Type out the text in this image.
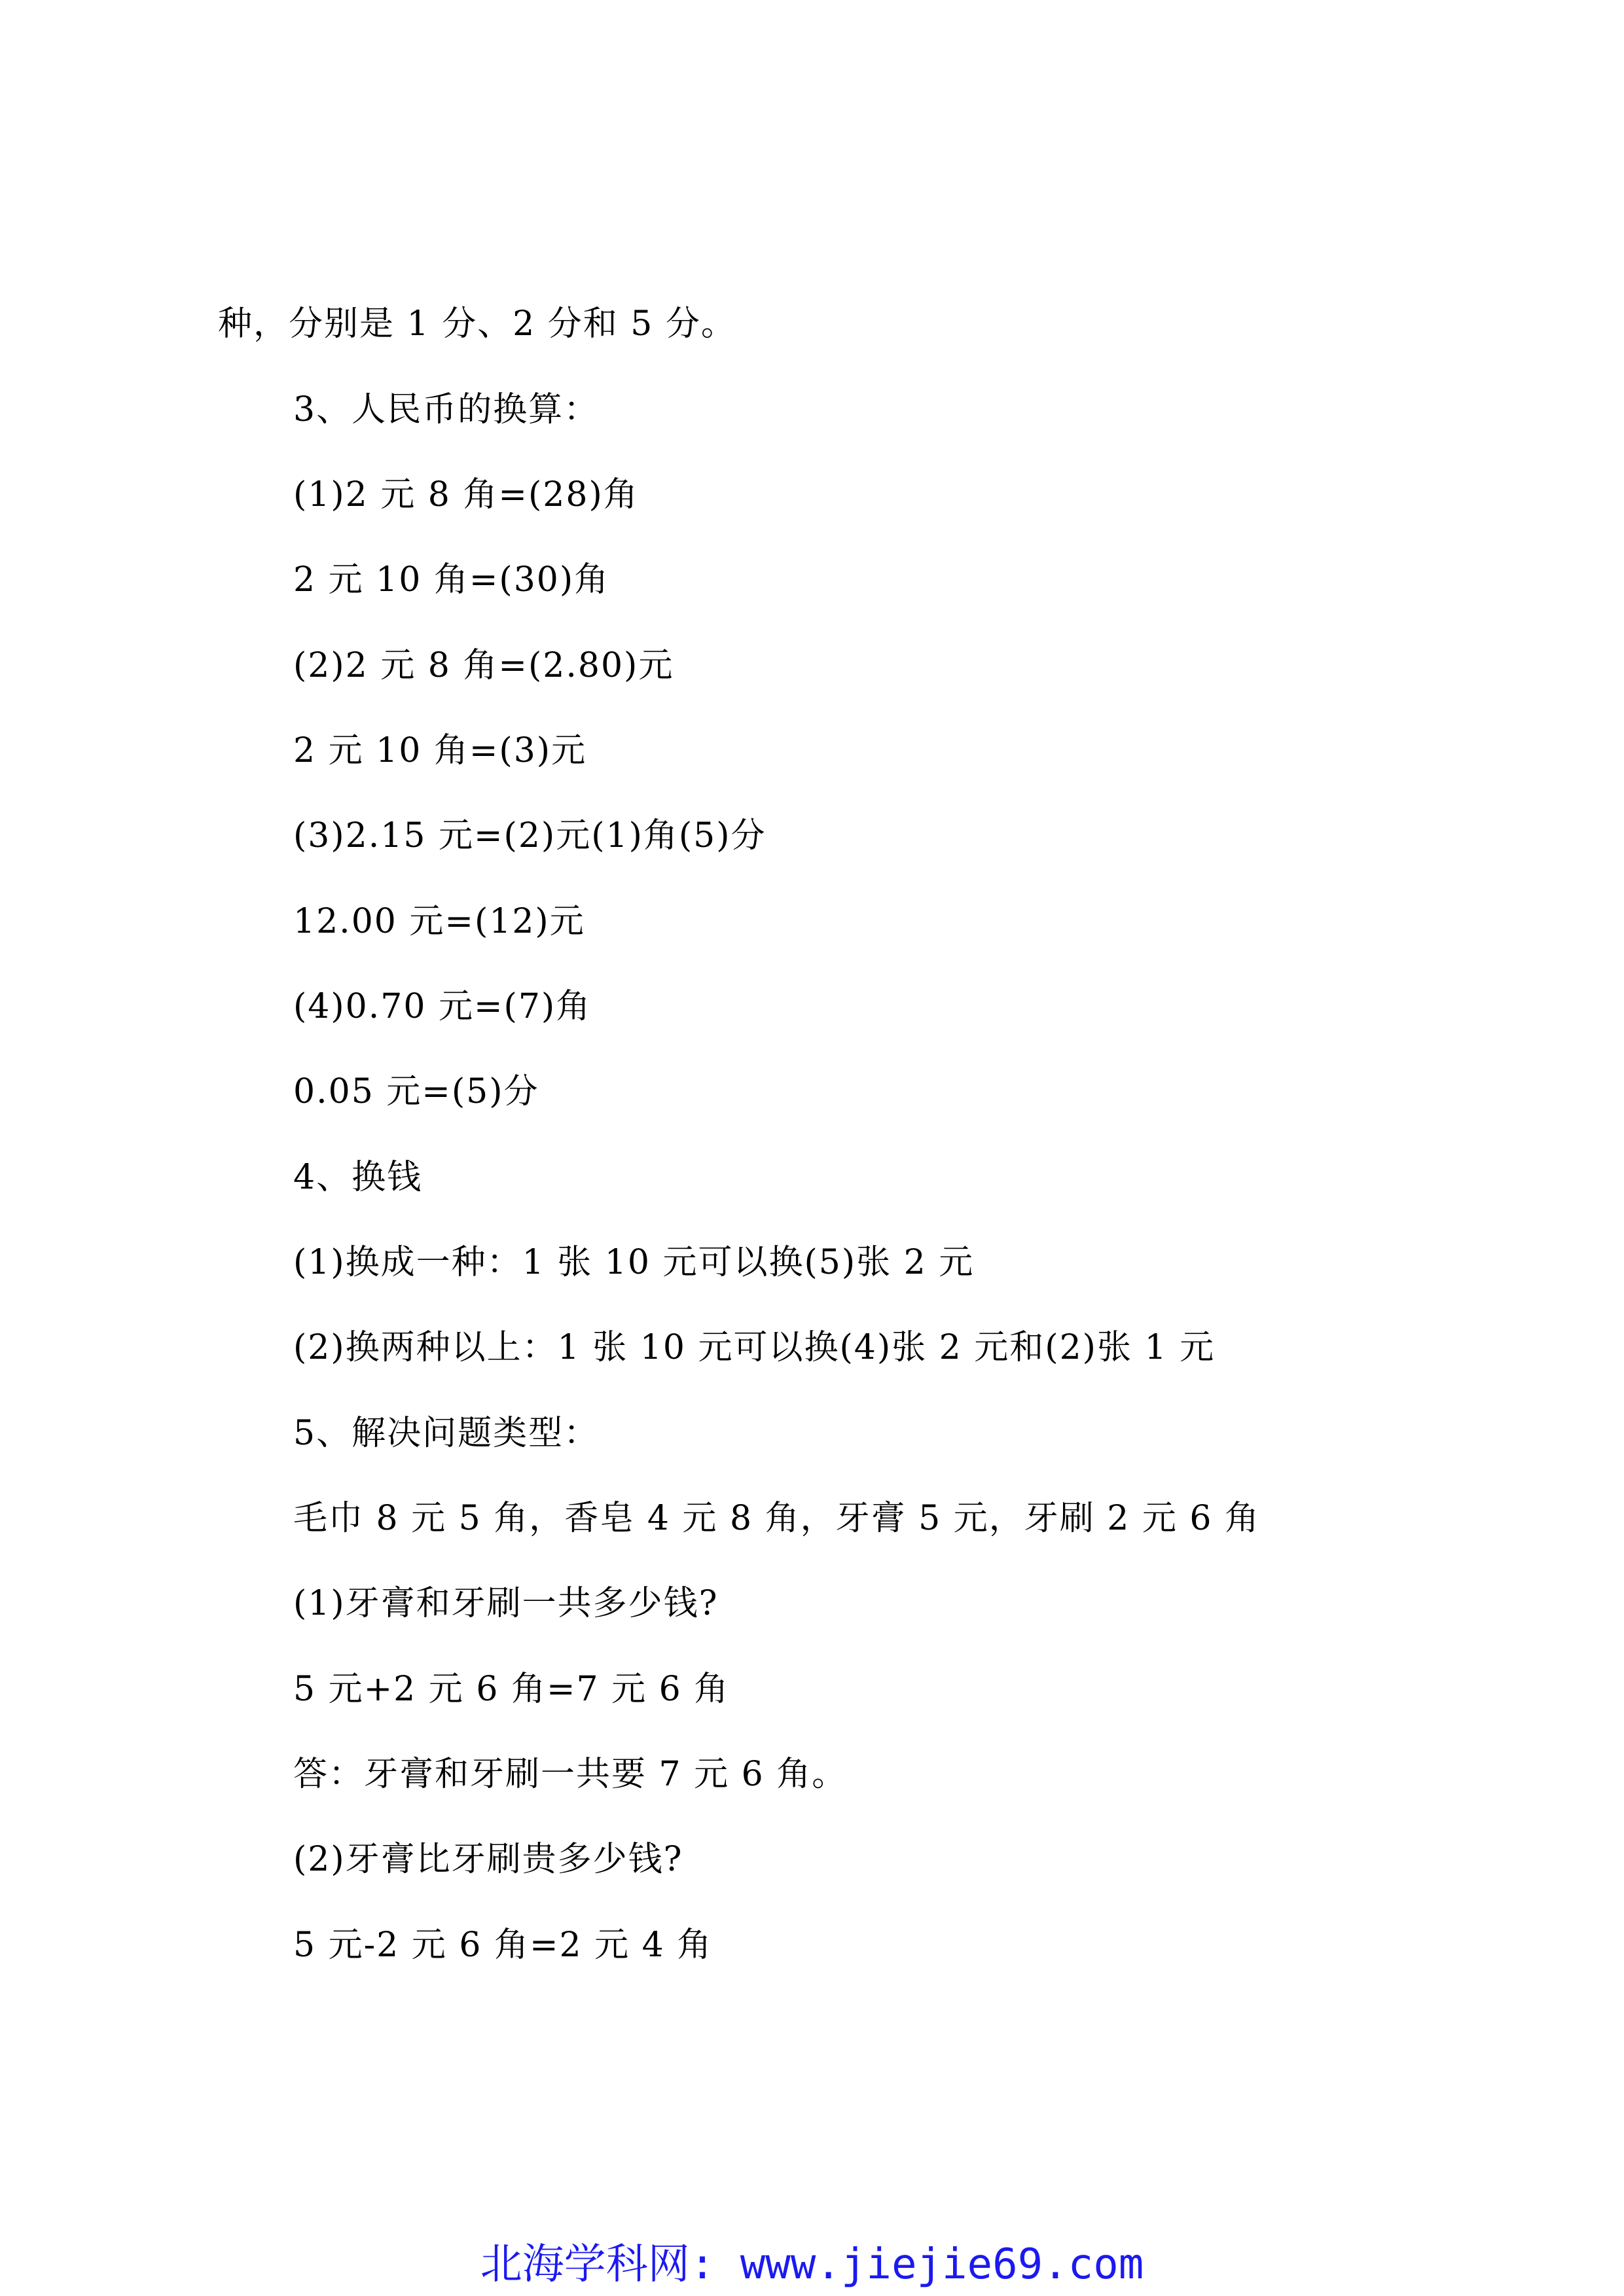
种，分别是 1 分、2 分和 5 分。

3、人民币的换算：

(1)2 元 8 角=(28)角

2 元 10 角=(30)角

(2)2 元 8 角=(2.80)元

2 元 10 角=(3)元

(3)2.15 元=(2)元(1)角(5)分

12.00 元=(12)元

(4)0.70 元=(7)角

0.05 元=(5)分

4、换钱

(1)换成一种：1 张 10 元可以换(5)张 2 元

(2)换两种以上：1 张 10 元可以换(4)张 2 元和(2)张 1 元

5、解决问题类型：

毛巾 8 元 5 角，香皂 4 元 8 角，牙膏 5 元，牙刷 2 元 6 角

(1)牙膏和牙刷一共多少钱?

5 元+2 元 6 角=7 元 6 角

答：牙膏和牙刷一共要 7 元 6 角。

(2)牙膏比牙刷贵多少钱?

5 元-2 元 6 角=2 元 4 角

北海学科网: www.jiejie69.com
